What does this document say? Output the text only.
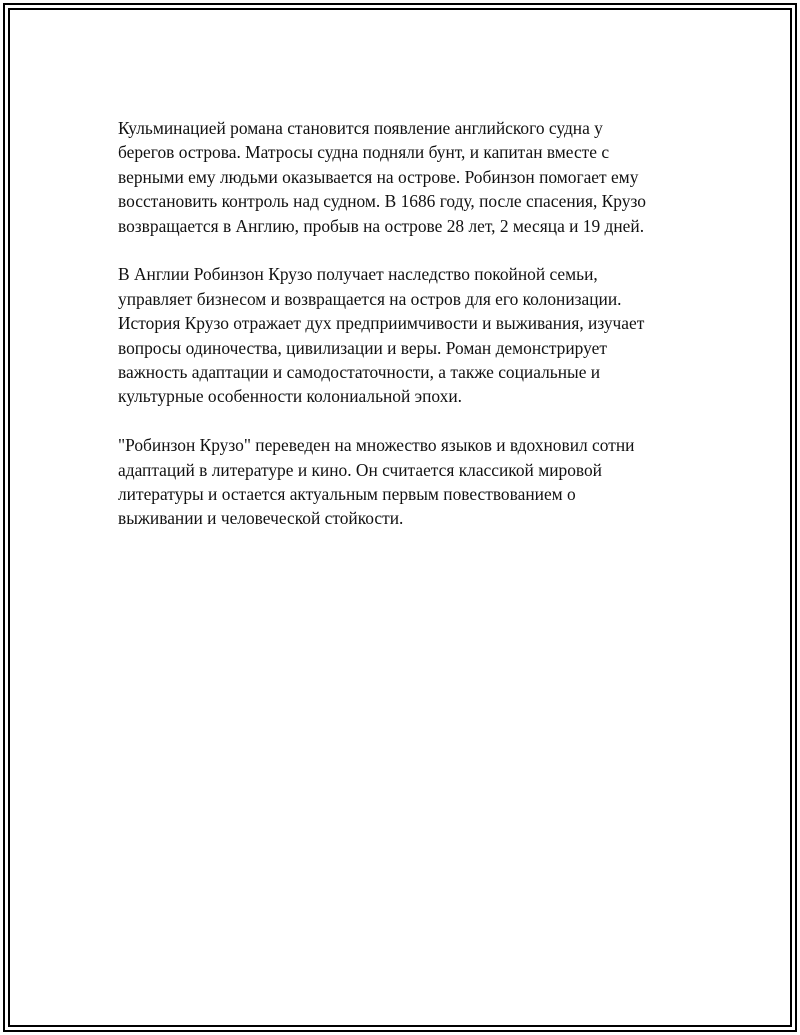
Кульминацией романа становится появление английского судна у
берегов острова. Матросы судна подняли бунт, и капитан вместе с
верными ему людьми оказывается на острове. Робинзон помогает ему
восстановить контроль над судном. В 1686 году, после спасения, Крузо
возвращается в Англию, пробыв на острове 28 лет, 2 месяца и 19 дней.

В Англии Робинзон Крузо получает наследство покойной семьи,
управляет бизнесом и возвращается на остров для его колонизации.
История Крузо отражает дух предприимчивости и выживания, изучает
вопросы одиночества, цивилизации и веры. Роман демонстрирует
важность адаптации и самодостаточности, а также социальные и
культурные особенности колониальной эпохи.

"Робинзон Крузо" переведен на множество языков и вдохновил сотни
адаптаций в литературе и кино. Он считается классикой мировой
литературы и остается актуальным первым повествованием о
выживании и человеческой стойкости.
